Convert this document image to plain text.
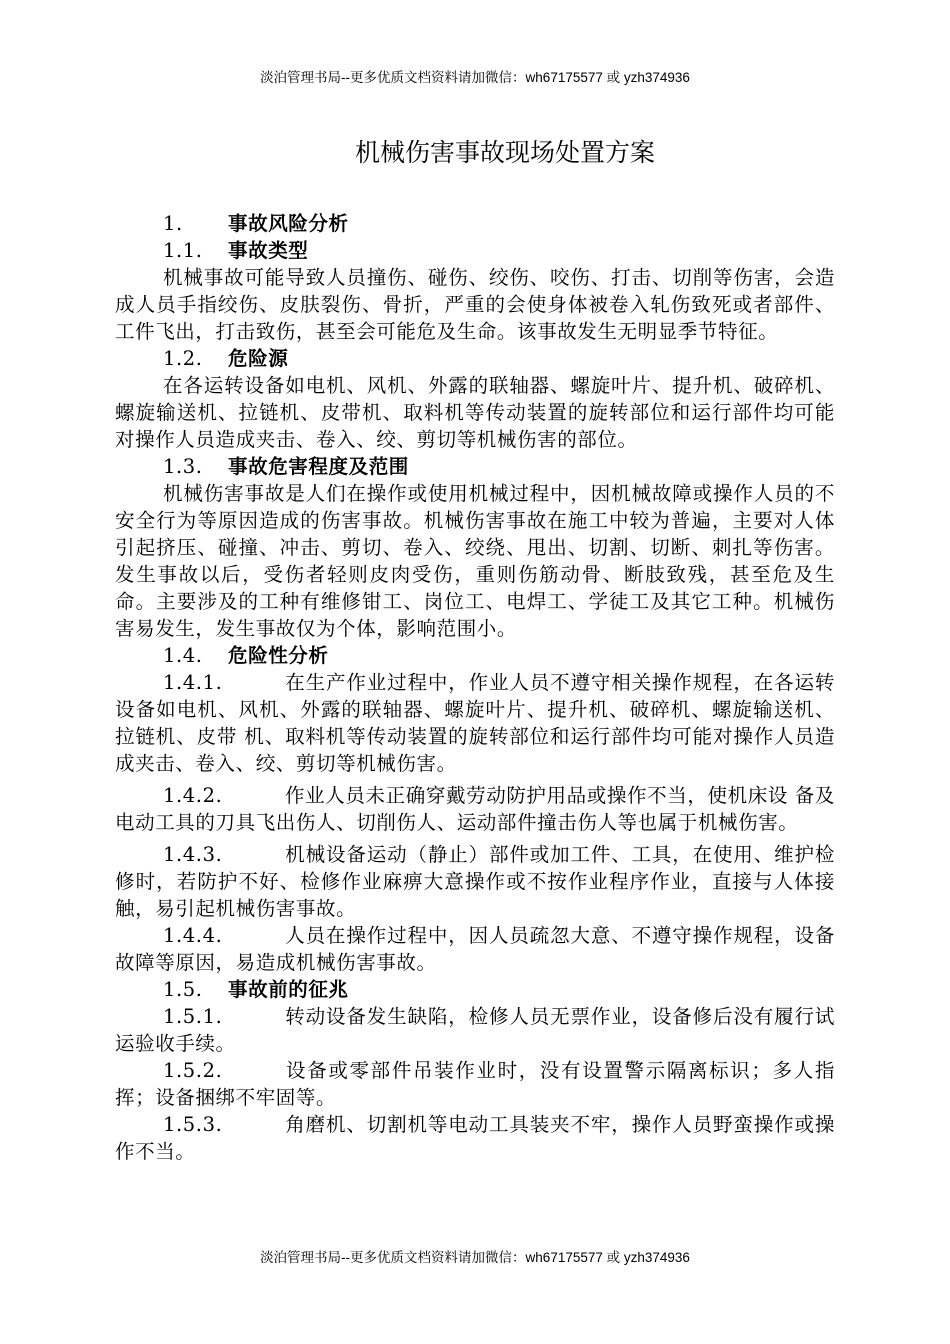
淡泊管理书局--更多优质文档资料请加微信：wh67175577 或 yzh374936
机械伤害事故现场处置方案

1. 事故风险分析

1.1. 事故类型

机械事故可能导致人员撞伤、碰伤、绞伤、咬伤、打击、切削等伤害，会造成人员手指绞伤、皮肤裂伤、骨折，严重的会使身体被卷入轧伤致死或者部件、工件飞出，打击致伤，甚至会可能危及生命。该事故发生无明显季节特征。

1.2. 危险源

在各运转设备如电机、风机、外露的联轴器、螺旋叶片、提升机、破碎机、螺旋输送机、拉链机、皮带机、取料机等传动装置的旋转部位和运行部件均可能对操作人员造成夹击、卷入、绞、剪切等机械伤害的部位。

1.3. 事故危害程度及范围

机械伤害事故是人们在操作或使用机械过程中，因机械故障或操作人员的不安全行为等原因造成的伤害事故。机械伤害事故在施工中较为普遍，主要对人体引起挤压、碰撞、冲击、剪切、卷入、绞绕、甩出、切割、切断、刺扎等伤害。发生事故以后，受伤者轻则皮肉受伤，重则伤筋动骨、断肢致残，甚至危及生命。主要涉及的工种有维修钳工、岗位工、电焊工、学徒工及其它工种。机械伤害易发生，发生事故仅为个体，影响范围小。

1.4. 危险性分析

1.4.1.	在生产作业过程中，作业人员不遵守相关操作规程，在各运转设备如电机、风机、外露的联轴器、螺旋叶片、提升机、破碎机、螺旋输送机、拉链机、皮带 机、取料机等传动装置的旋转部位和运行部件均可能对操作人员造成夹击、卷入、绞、剪切等机械伤害。

1.4.2.	作业人员未正确穿戴劳动防护用品或操作不当，使机床设 备及电动工具的刀具飞出伤人、切削伤人、运动部件撞击伤人等也属于机械伤害。

1.4.3.	机械设备运动（静止）部件或加工件、工具，在使用、维护检修时，若防护不好、检修作业麻痹大意操作或不按作业程序作业，直接与人体接触，易引起机械伤害事故。

1.4.4.	人员在操作过程中，因人员疏忽大意、不遵守操作规程，设备故障等原因，易造成机械伤害事故。

1.5. 事故前的征兆

1.5.1.	转动设备发生缺陷，检修人员无票作业，设备修后没有履行试运验收手续。

1.5.2.	设备或零部件吊装作业时，没有设置警示隔离标识；多人指挥；设备捆绑不牢固等。

1.5.3.	角磨机、切割机等电动工具装夹不牢，操作人员野蛮操作或操作不当。

淡泊管理书局--更多优质文档资料请加微信：wh67175577 或 yzh374936
